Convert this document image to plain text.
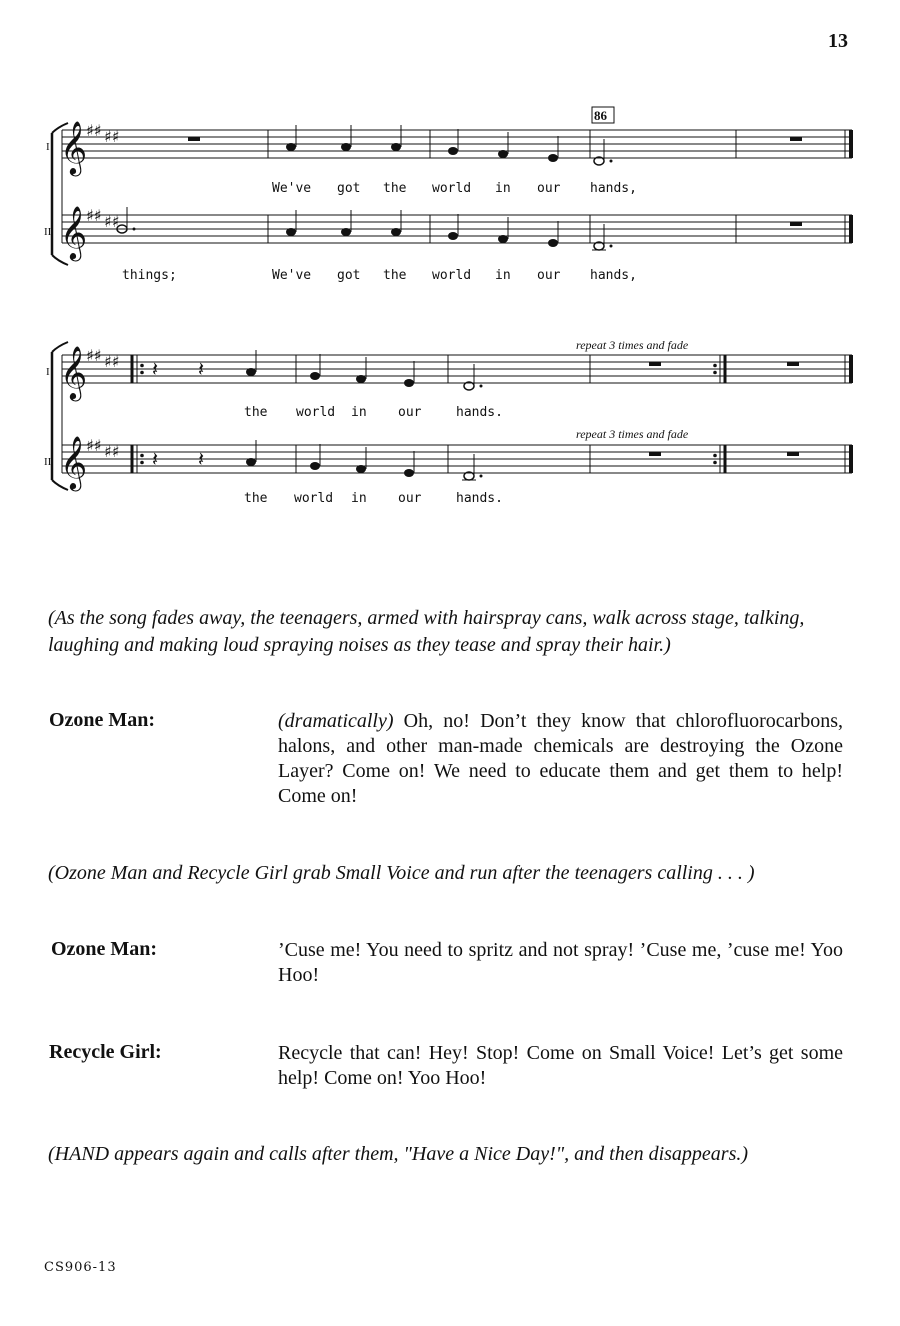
13
𝄞
𝄞
♯♯ ♯♯
♯♯ ♯♯
86
I
II
We've got the world in our hands,
things;	We've got the world in our hands,
𝄞
𝄞
♯♯ ♯♯
♯♯ ♯♯
𝄽 𝄽
𝄽 𝄽
repeat 3 times and fade
repeat 3 times and fade
I
II
the world in our	hands.
the world in our	hands.
(As the song fades away, the teenagers, armed with hairspray cans, walk across stage, talking, laughing and making loud spraying noises as they tease and spray their hair.)
Ozone Man:	(dramatically) Oh, no! Don’t they know that chlorofluorocarbons, halons, and other man-made chemicals are destroying the Ozone Layer? Come on! We need to educate them and get them to help! Come on!
(Ozone Man and Recycle Girl grab Small Voice and run after the teenagers calling . . . )
Ozone Man:	’Cuse me! You need to spritz and not spray! ’Cuse me, ’cuse me! Yoo Hoo!
Recycle Girl:	Recycle that can! Hey! Stop! Come on Small Voice! Let’s get some help! Come on! Yoo Hoo!
(HAND appears again and calls after them, "Have a Nice Day!", and then disappears.)
CS906-13
